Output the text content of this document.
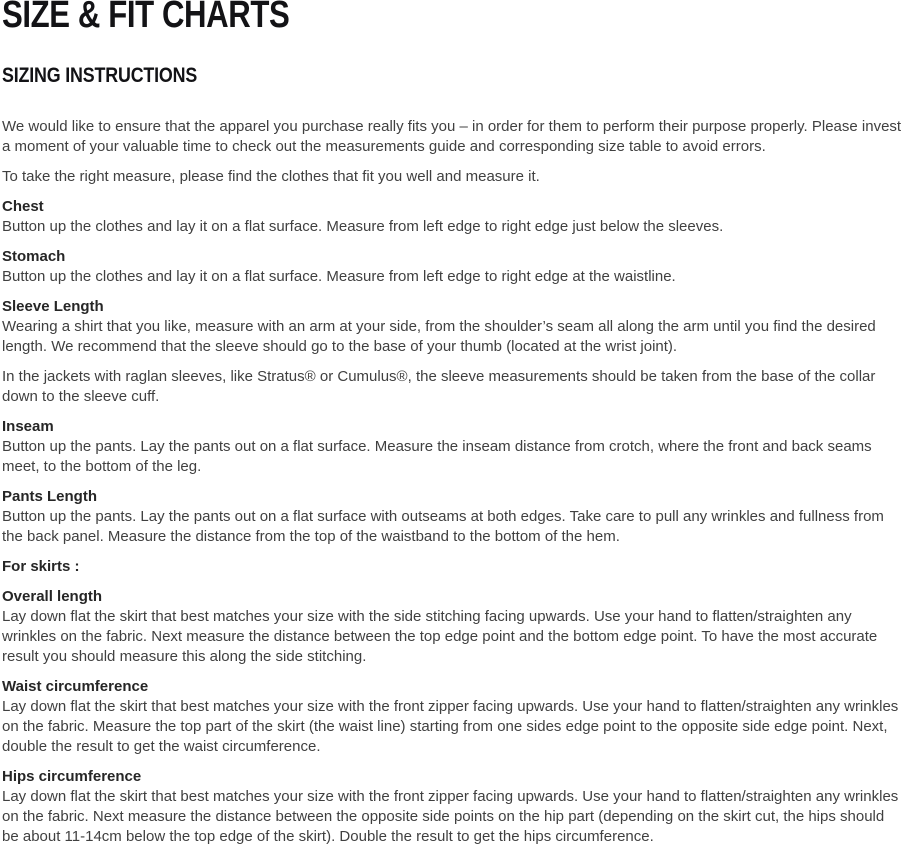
SIZE & FIT CHARTS
SIZING INSTRUCTIONS

We would like to ensure that the apparel you purchase really fits you – in order for them to perform their purpose properly. Please invest a moment of your valuable time to check out the measurements guide and corresponding size table to avoid errors.

To take the right measure, please find the clothes that fit you well and measure it.

Chest
Button up the clothes and lay it on a flat surface. Measure from left edge to right edge just below the sleeves.

Stomach
Button up the clothes and lay it on a flat surface. Measure from left edge to right edge at the waistline.

Sleeve Length
Wearing a shirt that you like, measure with an arm at your side, from the shoulder’s seam all along the arm until you find the desired length. We recommend that the sleeve should go to the base of your thumb (located at the wrist joint).

In the jackets with raglan sleeves, like Stratus® or Cumulus®, the sleeve measurements should be taken from the base of the collar down to the sleeve cuff.

Inseam
Button up the pants. Lay the pants out on a flat surface. Measure the inseam distance from crotch, where the front and back seams meet, to the bottom of the leg.

Pants Length
Button up the pants. Lay the pants out on a flat surface with outseams at both edges. Take care to pull any wrinkles and fullness from the back panel. Measure the distance from the top of the waistband to the bottom of the hem.

For skirts :

Overall length
Lay down flat the skirt that best matches your size with the side stitching facing upwards. Use your hand to flatten/straighten any wrinkles on the fabric. Next measure the distance between the top edge point and the bottom edge point. To have the most accurate result you should measure this along the side stitching.

Waist circumference
Lay down flat the skirt that best matches your size with the front zipper facing upwards. Use your hand to flatten/straighten any wrinkles on the fabric. Measure the top part of the skirt (the waist line) starting from one sides edge point to the opposite side edge point. Next, double the result to get the waist circumference.

Hips circumference
Lay down flat the skirt that best matches your size with the front zipper facing upwards. Use your hand to flatten/straighten any wrinkles on the fabric. Next measure the distance between the opposite side points on the hip part (depending on the skirt cut, the hips should be about 11-14cm below the top edge of the skirt). Double the result to get the hips circumference.
